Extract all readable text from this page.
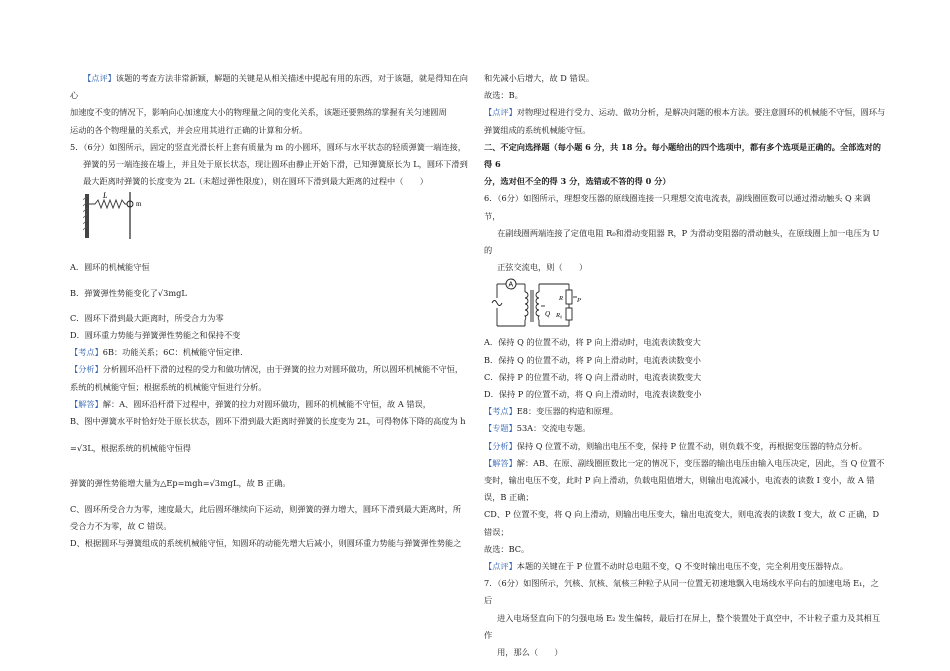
【点评】该题的考查方法非常新颖，解题的关键是从相关描述中提起有用的东西，对于该题，就是得知在向心

加速度不变的情况下，影响向心加速度大小的物理量之间的变化关系，该题还要熟练的掌握有关匀速圆周

运动的各个物理量的关系式，并会应用其进行正确的计算和分析。

5．（6分）如图所示，固定的竖直光滑长杆上套有质量为 m 的小圆环，圆环与水平状态的轻质弹簧一端连接，

弹簧的另一端连接在墙上，并且处于原长状态，现让圆环由静止开始下滑，已知弹簧原长为 L，圆环下滑到

最大距离时弹簧的长度变为 2L（未超过弹性限度），则在圆环下滑到最大距离的过程中（　　）

L
m

A．圆环的机械能守恒

B．弹簧弹性势能变化了√3mgL

C．圆环下滑到最大距离时，所受合力为零

D．圆环重力势能与弹簧弹性势能之和保持不变

【考点】6B：功能关系；6C：机械能守恒定律．

【分析】分析圆环沿杆下滑的过程的受力和做功情况，由于弹簧的拉力对圆环做功，所以圆环机械能不守恒，

系统的机械能守恒；根据系统的机械能守恒进行分析。

【解答】解：A、圆环沿杆滑下过程中，弹簧的拉力对圆环做功，圆环的机械能不守恒，故 A 错误，

B、图中弹簧水平时恰好处于原长状态，圆环下滑到最大距离时弹簧的长度变为 2L，可得物体下降的高度为 h

=√3L，根据系统的机械能守恒得

弹簧的弹性势能增大量为△Ep=mgh=√3mgL，故 B 正确。

C、圆环所受合力为零，速度最大，此后圆环继续向下运动，则弹簧的弹力增大，圆环下滑到最大距离时，所

受合力不为零，故 C 错误。

D、根据圆环与弹簧组成的系统机械能守恒，知圆环的动能先增大后减小，则圆环重力势能与弹簧弹性势能之

和先减小后增大，故 D 错误。

故选：B。

【点评】对物理过程进行受力、运动、做功分析，是解决问题的根本方法。要注意圆环的机械能不守恒，圆环与

弹簧组成的系统机械能守恒。

二、不定向选择题（每小题 6 分，共 18 分。每小题给出的四个选项中，都有多个选项是正确的。全部选对的得 6

分，选对但不全的得 3 分，选错或不答的得 0 分）

6．（6分）如图所示，理想变压器的原线圈连接一只理想交流电流表，副线圈匝数可以通过滑动触头 Q 来调节，

在副线圈两端连接了定值电阻 R₀和滑动变阻器 R，P 为滑动变阻器的滑动触头，在原线圈上加一电压为 U 的

正弦交流电，则（　　）

A
Q
R P
R₀

A．保持 Q 的位置不动，将 P 向上滑动时，电流表读数变大

B．保持 Q 的位置不动，将 P 向上滑动时，电流表读数变小

C．保持 P 的位置不动，将 Q 向上滑动时，电流表读数变大

D．保持 P 的位置不动，将 Q 向上滑动时，电流表读数变小

【考点】E8：变压器的构造和原理。

【专题】53A：交流电专题。

【分析】保持 Q 位置不动，则输出电压不变，保持 P 位置不动，则负载不变，再根据变压器的特点分析。

【解答】解：AB、在原、副线圈匝数比一定的情况下，变压器的输出电压由输入电压决定，因此，当 Q 位置不

变时，输出电压不变，此时 P 向上滑动，负载电阻值增大，则输出电流减小，电流表的读数 I 变小，故 A 错

误，B 正确；

CD、P 位置不变，将 Q 向上滑动，则输出电压变大，输出电流变大，则电流表的读数 I 变大，故 C 正确，D

错误；

故选：BC。

【点评】本题的关键在于 P 位置不动时总电阻不变，Q 不变时输出电压不变，完全利用变压器特点。

7．（6分）如图所示，氕核、氘核、氚核三种粒子从同一位置无初速地飘入电场线水平向右的加速电场 E₁，之后

进入电场竖直向下的匀强电场 E₂ 发生偏转，最后打在屏上，整个装置处于真空中，不计粒子重力及其相互作

用，那么（　　）
